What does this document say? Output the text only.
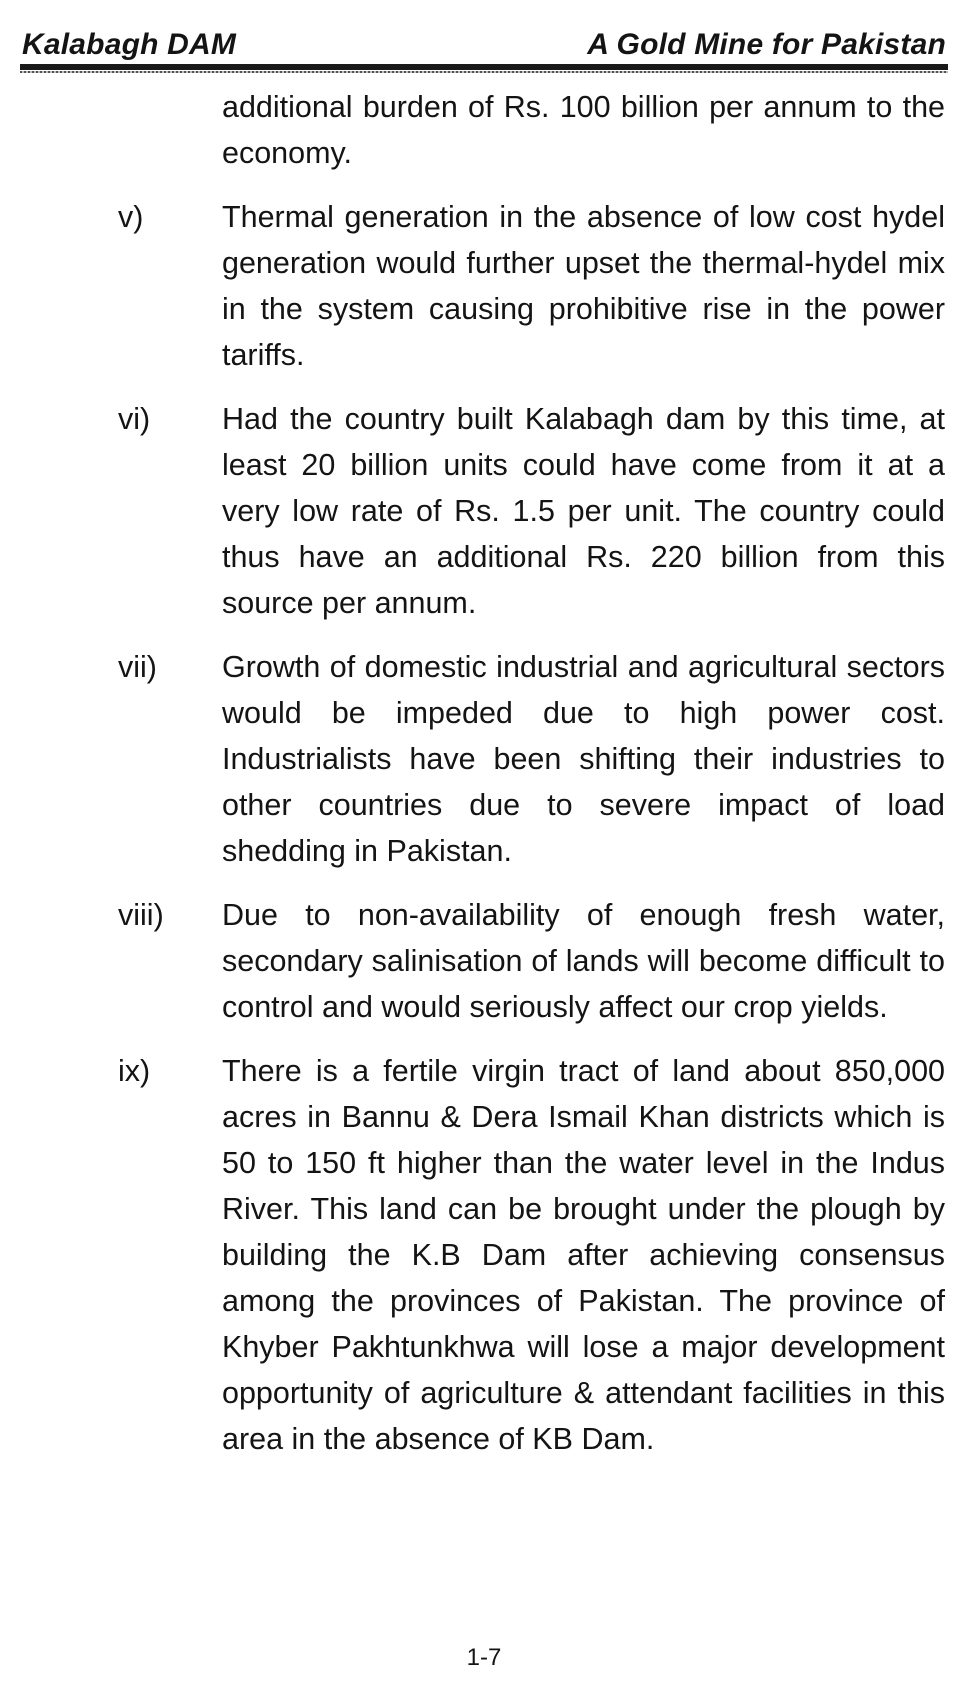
Kalabagh DAM	A Gold Mine for Pakistan
additional burden of Rs. 100 billion per annum to the economy.
v)	Thermal generation in the absence of low cost hydel generation would further upset the thermal-hydel mix in the system causing prohibitive rise in the power tariffs.
vi)	Had the country built Kalabagh dam by this time, at least 20 billion units could have come from it at a very low rate of Rs. 1.5 per unit. The country could thus have an additional Rs. 220 billion from this source per annum.
vii)	Growth of domestic industrial and agricultural sectors would be impeded due to high power cost. Industrialists have been shifting their industries to other countries due to severe impact of load shedding in Pakistan.
viii)	Due to non-availability of enough fresh water, secondary salinisation of lands will become difficult to control and would seriously affect our crop yields.
ix)	There is a fertile virgin tract of land about 850,000 acres in Bannu & Dera Ismail Khan districts which is 50 to 150 ft higher than the water level in the Indus River. This land can be brought under the plough by building the K.B Dam after achieving consensus among the provinces of Pakistan. The province of Khyber Pakhtunkhwa will lose a major development opportunity of agriculture & attendant facilities in this area in the absence of KB Dam.
1-7
